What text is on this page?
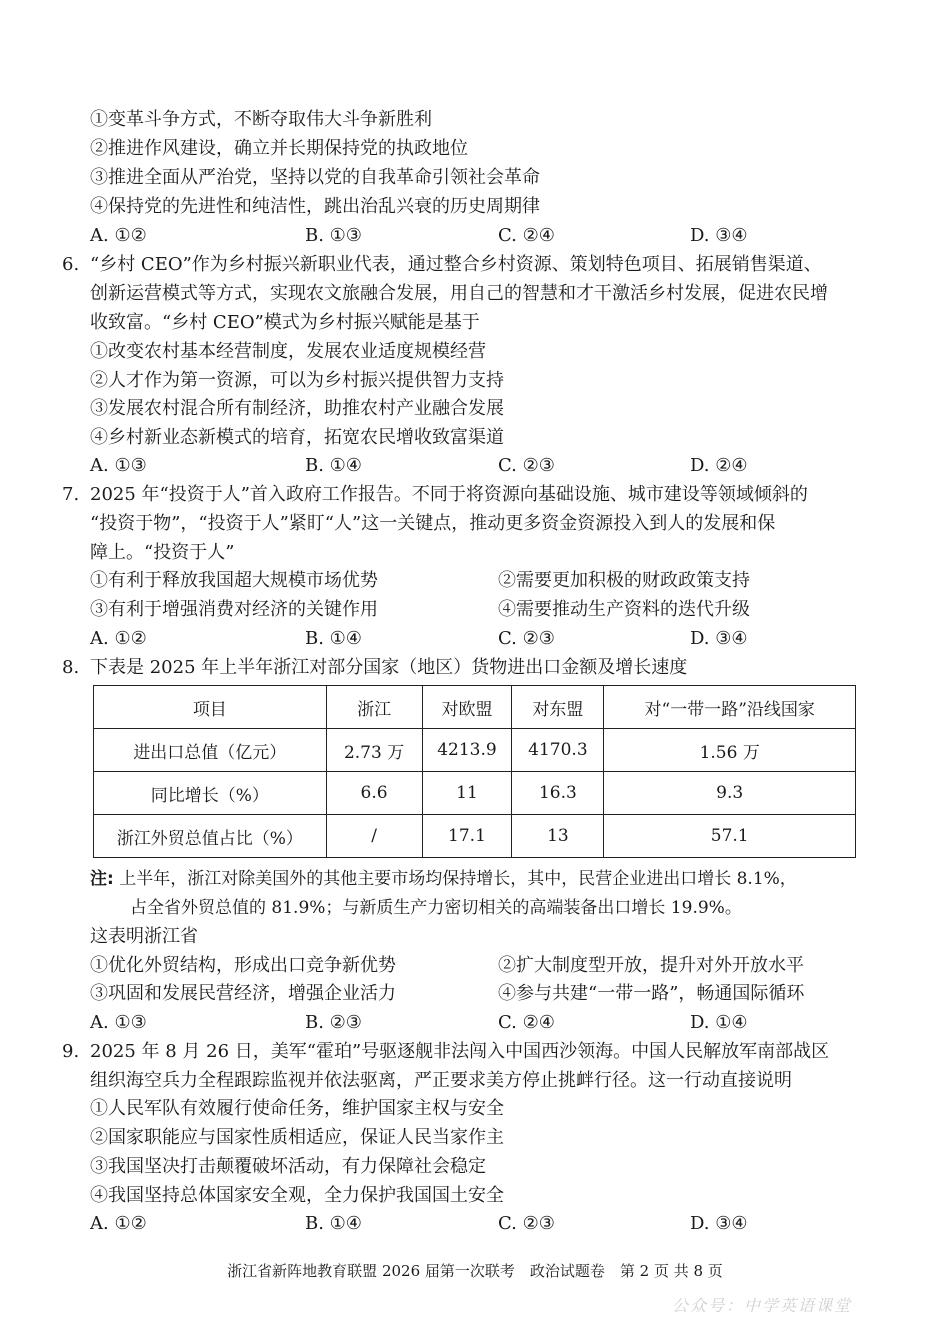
①变革斗争方式，不断夺取伟大斗争新胜利
②推进作风建设，确立并长期保持党的执政地位
③推进全面从严治党，坚持以党的自我革命引领社会革命
④保持党的先进性和纯洁性，跳出治乱兴衰的历史周期律
A. ①②	B. ①③	C. ②④	D. ③④
6. “乡村 CEO”作为乡村振兴新职业代表，通过整合乡村资源、策划特色项目、拓展销售渠道、
创新运营模式等方式，实现农文旅融合发展，用自己的智慧和才干激活乡村发展，促进农民增
收致富。“乡村 CEO”模式为乡村振兴赋能是基于
①改变农村基本经营制度，发展农业适度规模经营
②人才作为第一资源，可以为乡村振兴提供智力支持
③发展农村混合所有制经济，助推农村产业融合发展
④乡村新业态新模式的培育，拓宽农民增收致富渠道
A. ①③	B. ①④	C. ②③	D. ②④
7. 2025 年“投资于人”首入政府工作报告。不同于将资源向基础设施、城市建设等领域倾斜的
“投资于物”，“投资于人”紧盯“人”这一关键点，推动更多资金资源投入到人的发展和保
障上。“投资于人”
①有利于释放我国超大规模市场优势	②需要更加积极的财政政策支持
③有利于增强消费对经济的关键作用	④需要推动生产资料的迭代升级
A. ①②	B. ①④	C. ②③	D. ③④
8. 下表是 2025 年上半年浙江对部分国家（地区）货物进出口金额及增长速度
项目	浙江	对欧盟	对东盟	对“一带一路”沿线国家
进出口总值（亿元）	2.73 万	4213.9	4170.3	1.56 万
同比增长（%）	6.6	11	16.3	9.3
浙江外贸总值占比（%）	/	17.1	13	57.1
注: 上半年，浙江对除美国外的其他主要市场均保持增长，其中，民营企业进出口增长 8.1%，
占全省外贸总值的 81.9%；与新质生产力密切相关的高端装备出口增长 19.9%。
这表明浙江省
①优化外贸结构，形成出口竞争新优势	②扩大制度型开放，提升对外开放水平
③巩固和发展民营经济，增强企业活力	④参与共建“一带一路”，畅通国际循环
A. ①③	B. ②③	C. ②④	D. ①④
9. 2025 年 8 月 26 日，美军“霍珀”号驱逐舰非法闯入中国西沙领海。中国人民解放军南部战区
组织海空兵力全程跟踪监视并依法驱离，严正要求美方停止挑衅行径。这一行动直接说明
①人民军队有效履行使命任务，维护国家主权与安全
②国家职能应与国家性质相适应，保证人民当家作主
③我国坚决打击颠覆破坏活动，有力保障社会稳定
④我国坚持总体国家安全观，全力保护我国国土安全
A. ①②	B. ①④	C. ②③	D. ③④
浙江省新阵地教育联盟 2026 届第一次联考　政治试题卷　第 2 页 共 8 页
公众号：中学英语课堂
